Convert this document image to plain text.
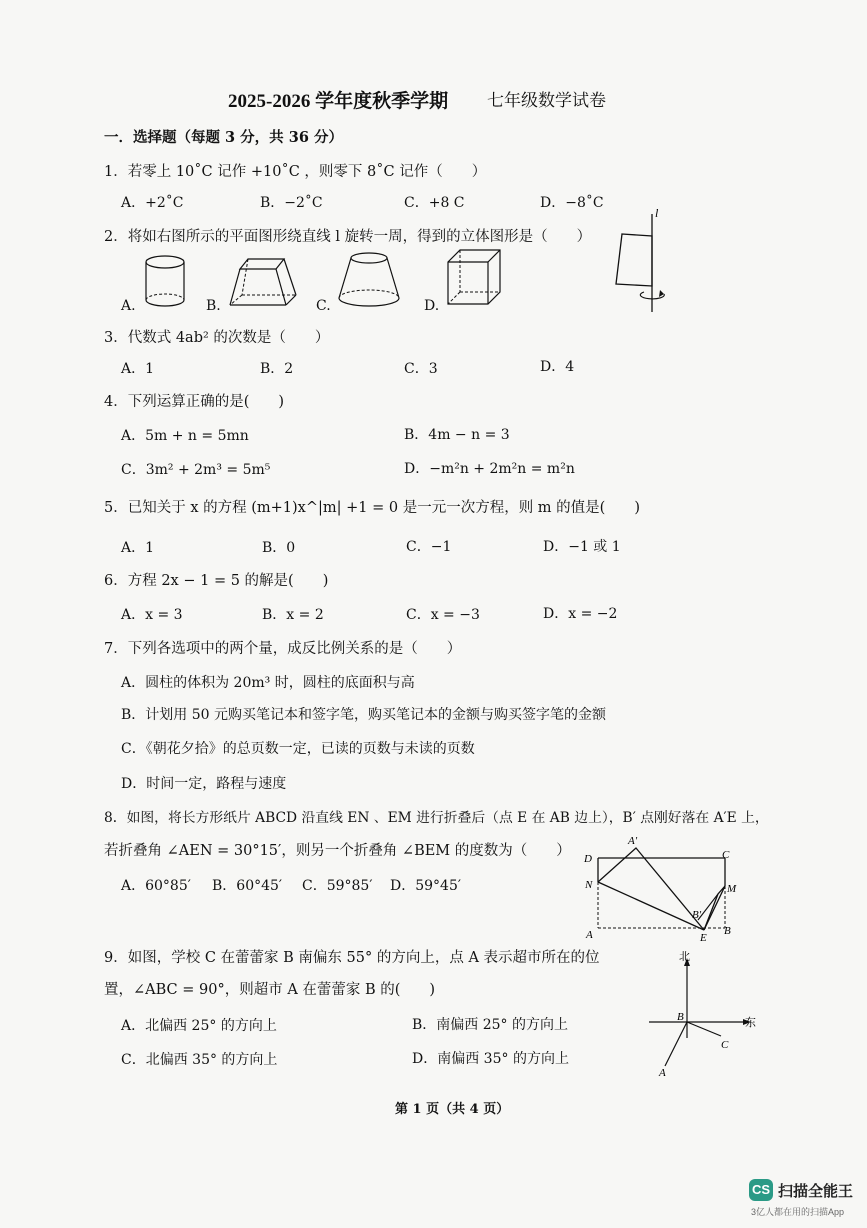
2025-2026 学年度秋季学期 七年级数学试卷
一．选择题（每题 3 分，共 36 分）
1．若零上 10˚C 记作 +10˚C ，则零下 8˚C 记作（　　）
A．+2˚C	B．−2˚C	C．+8 C	D．−8˚C
2．将如右图所示的平面图形绕直线 l 旋转一周，得到的立体图形是（　　）
A.	B.	C.	D.
l
3．代数式 4ab² 的次数是（　　）
A．1	B．2	C．3	D．4
4．下列运算正确的是(　　)
A．5m + n = 5mn	B．4m − n = 3
C．3m² + 2m³ = 5m⁵	D．−m²n + 2m²n = m²n
5．已知关于 x 的方程 (m+1)x^|m| +1 = 0 是一元一次方程，则 m 的值是(　　)
A．1	B．0	C．−1	D．−1 或 1
6．方程 2x − 1 = 5 的解是(　　)
A．x = 3	B．x = 2	C．x = −3	D．x = −2
7．下列各选项中的两个量，成反比例关系的是（　　）
A．圆柱的体积为 20m³ 时，圆柱的底面积与高
B．计划用 50 元购买笔记本和签字笔，购买笔记本的金额与购买签字笔的金额
C．《朝花夕拾》的总页数一定，已读的页数与未读的页数
D．时间一定，路程与速度
8．如图，将长方形纸片 ABCD 沿直线 EN 、EM 进行折叠后（点 E 在 AB 边上），B′ 点刚好落在 A′E 上，
若折叠角 ∠AEN = 30°15′，则另一个折叠角 ∠BEM 的度数为（　　）
A．60°85′ B．60°45′ C．59°85′ D．59°45′
D	C
A′
N	M
B′
A	E
B
9．如图，学校 C 在蕾蕾家 B 南偏东 55° 的方向上，点 A 表示超市所在的位
置，∠ABC = 90°，则超市 A 在蕾蕾家 B 的(　　)
A．北偏西 25° 的方向上	B．南偏西 25° 的方向上
C．北偏西 35° 的方向上	D．南偏西 35° 的方向上
北
东
B
C
A
第 1 页（共 4 页）
CS 扫描全能王
3亿人都在用的扫描App
